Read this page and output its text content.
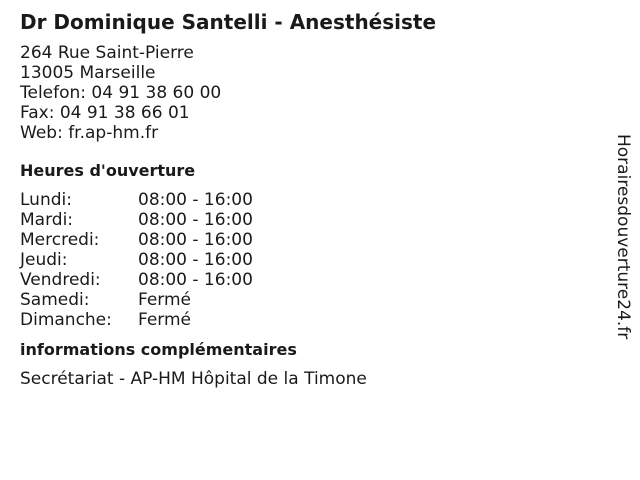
Dr Dominique Santelli - Anesthésiste
264 Rue Saint-Pierre
13005 Marseille
Telefon: 04 91 38 60 00
Fax: 04 91 38 66 01
Web: fr.ap-hm.fr
Heures d'ouverture
Lundi:	08:00 - 16:00
Mardi:	08:00 - 16:00
Mercredi:	08:00 - 16:00
Jeudi:	08:00 - 16:00
Vendredi:	08:00 - 16:00
Samedi:	Fermé
Dimanche:	Fermé
informations complémentaires
Secrétariat - AP-HM Hôpital de la Timone
Horairesdouverture24.fr
